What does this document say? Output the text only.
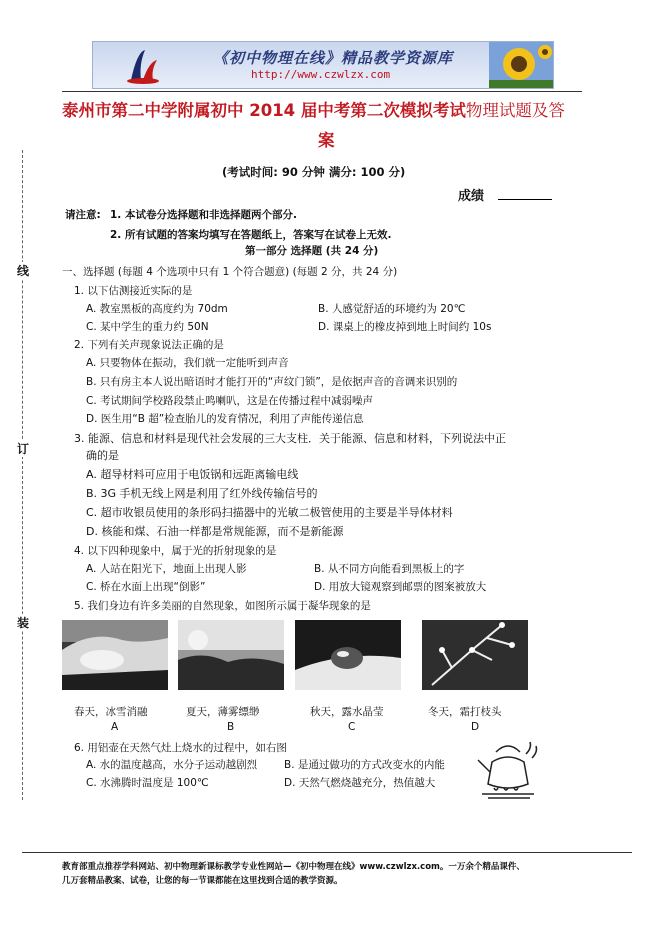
《初中物理在线》精品教学资源库
http://www.czwlzx.com
泰州市第二中学附属初中 2014 届中考第二次模拟考试物理试题及答
案
(考试时间: 90 分钟 满分: 100 分)
成绩
请注意: 1. 本试卷分选择题和非选择题两个部分.
2. 所有试题的答案均填写在答题纸上，答案写在试卷上无效.
第一部分 选择题 (共 24 分)
一、选择题 (每题 4 个选项中只有 1 个符合题意) (每题 2 分，共 24 分)
线
订
装
1. 以下估测接近实际的是
A. 教室黑板的高度约为 70dm	B. 人感觉舒适的环境约为 20℃
C. 某中学生的重力约 50N	D. 课桌上的橡皮掉到地上时间约 10s
2. 下列有关声现象说法正确的是
A. 只要物体在振动，我们就一定能听到声音
B. 只有房主本人说出暗语时才能打开的“声纹门锁”，是依据声音的音调来识别的
C. 考试期间学校路段禁止鸣喇叭，这是在传播过程中减弱噪声
D. 医生用“B 超”检查胎儿的发育情况，利用了声能传递信息
3. 能源、信息和材料是现代社会发展的三大支柱．关于能源、信息和材料，下列说法中正
确的是
A. 超导材料可应用于电饭锅和远距离输电线
B. 3G 手机无线上网是利用了红外线传输信号的
C. 超市收银员使用的条形码扫描器中的光敏二极管使用的主要是半导体材料
D. 核能和煤、石油一样都是常规能源，而不是新能源
4. 以下四种现象中，属于光的折射现象的是
A. 人站在阳光下，地面上出现人影	B. 从不同方向能看到黑板上的字
C. 桥在水面上出现“倒影”	D. 用放大镜观察到邮票的图案被放大
5. 我们身边有许多美丽的自然现象，如图所示属于凝华现象的是
春天，冰雪消融	夏天，薄雾缥缈	秋天，露水晶莹	冬天，霜打枝头
A	B	C	D
6. 用铝壶在天然气灶上烧水的过程中，如右图
A. 水的温度越高，水分子运动越剧烈	B. 是通过做功的方式改变水的内能
C. 水沸腾时温度是 100℃	D. 天然气燃烧越充分，热值越大
教育部重点推荐学科网站、初中物理新课标教学专业性网站—《初中物理在线》www.czwlzx.com。一万余个精品课件、
几万套精品教案、试卷，让您的每一节课都能在这里找到合适的教学资源。
